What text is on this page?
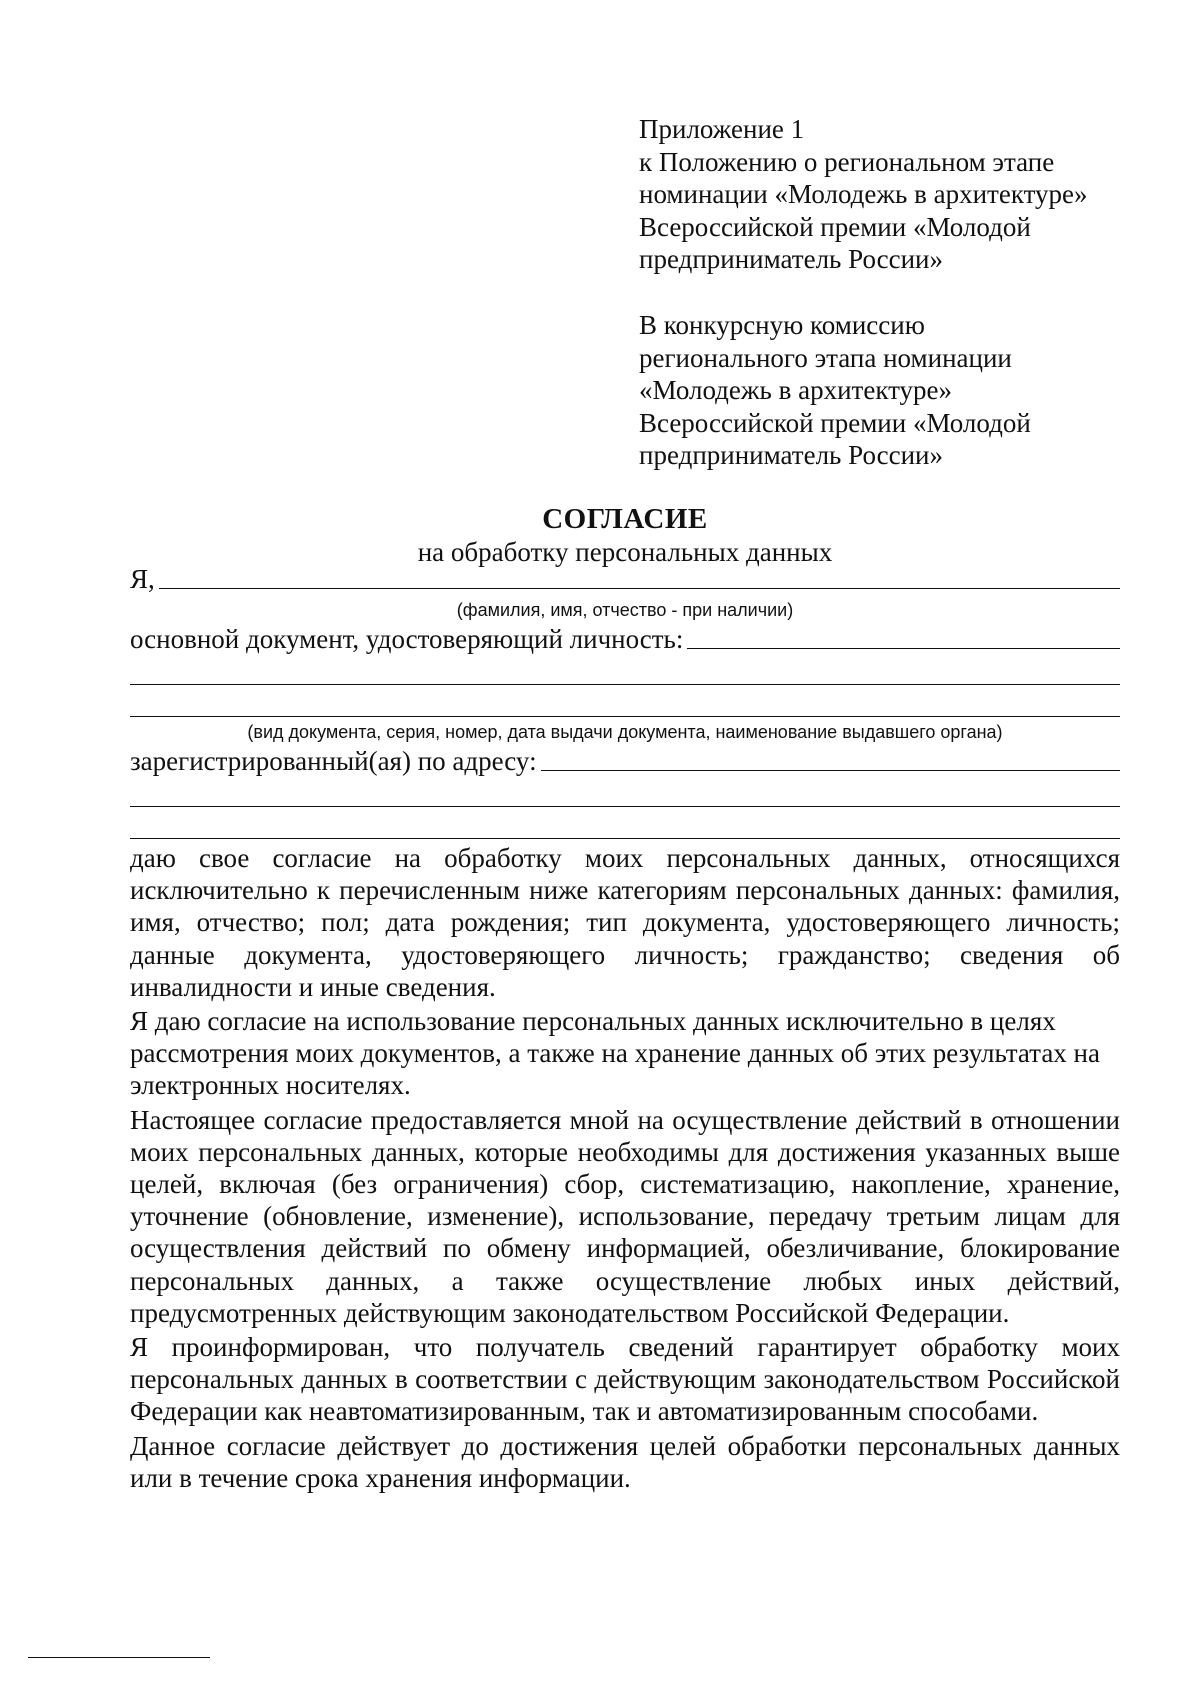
Приложение 1
к Положению о региональном этапе
номинации «Молодежь в архитектуре»
Всероссийской премии «Молодой
предприниматель России»
В конкурсную комиссию
регионального этапа номинации
«Молодежь в архитектуре»
Всероссийской премии «Молодой
предприниматель России»
СОГЛАСИЕ
на обработку персональных данных
Я,
(фамилия, имя, отчество - при наличии)
основной документ, удостоверяющий личность:
(вид документа, серия, номер, дата выдачи документа, наименование выдавшего органа)
зарегистрированный(ая) по адресу:

даю свое согласие на обработку моих персональных данных, относящихся исключительно к перечисленным ниже категориям персональных данных: фамилия, имя, отчество; пол; дата рождения; тип документа, удостоверяющего личность; данные документа, удостоверяющего личность; гражданство; сведения об инвалидности и иные сведения.

Я даю согласие на использование персональных данных исключительно в целях рассмотрения моих документов, а также на хранение данных об этих результатах на электронных носителях.

Настоящее согласие предоставляется мной на осуществление действий в отношении моих персональных данных, которые необходимы для достижения указанных выше целей, включая (без ограничения) сбор, систематизацию, накопление, хранение, уточнение (обновление, изменение), использование, передачу третьим лицам для осуществления действий по обмену информацией, обезличивание, блокирование персональных данных, а также осуществление любых иных действий, предусмотренных действующим законодательством Российской Федерации.

Я проинформирован, что получатель сведений гарантирует обработку моих персональных данных в соответствии с действующим законодательством Российской Федерации как неавтоматизированным, так и автоматизированным способами.

Данное согласие действует до достижения целей обработки персональных данных или в течение срока хранения информации.
